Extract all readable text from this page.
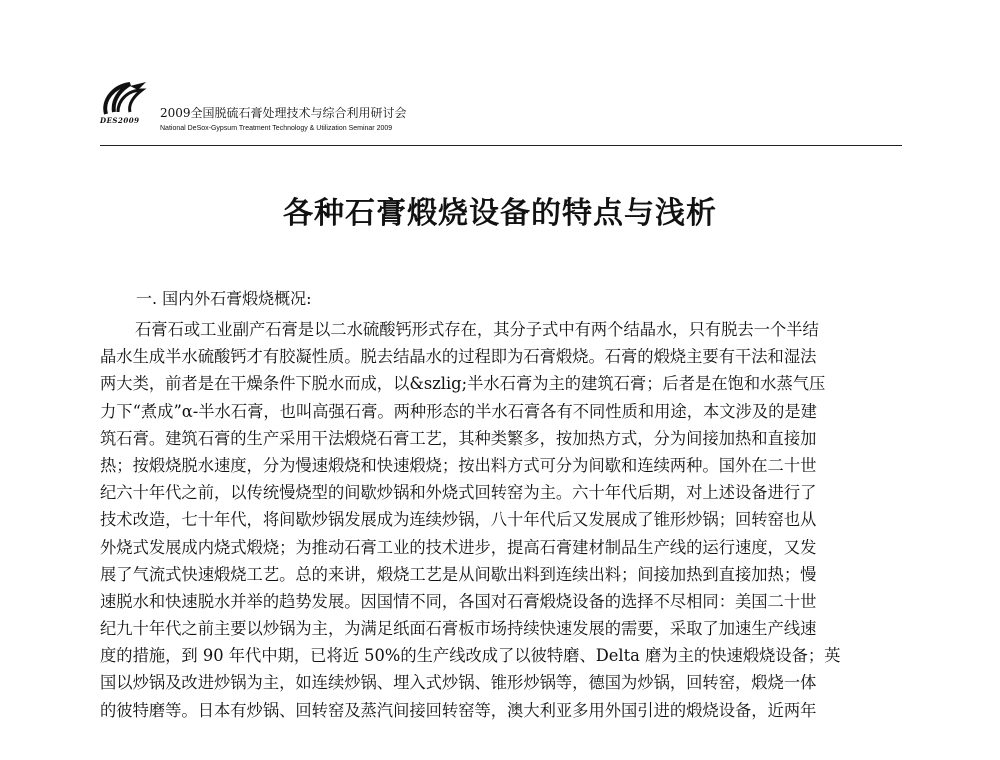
DES2009
2009全国脱硫石膏处理技术与综合利用研讨会
National DeSox-Gypsum Treatment Technology & Utilization Seminar 2009
各种石膏煅烧设备的特点与浅析
一. 国内外石膏煅烧概况:
石膏石或工业副产石膏是以二水硫酸钙形式存在，其分子式中有两个结晶水，只有脱去一个半结
晶水生成半水硫酸钙才有胶凝性质。脱去结晶水的过程即为石膏煅烧。石膏的煅烧主要有干法和湿法
两大类，前者是在干燥条件下脱水而成，以&szlig;半水石膏为主的建筑石膏；后者是在饱和水蒸气压
力下“煮成”α-半水石膏，也叫高强石膏。两种形态的半水石膏各有不同性质和用途，本文涉及的是建
筑石膏。建筑石膏的生产采用干法煅烧石膏工艺，其种类繁多，按加热方式，分为间接加热和直接加
热；按煅烧脱水速度，分为慢速煅烧和快速煅烧；按出料方式可分为间歇和连续两种。国外在二十世
纪六十年代之前，以传统慢烧型的间歇炒锅和外烧式回转窑为主。六十年代后期，对上述设备进行了
技术改造，七十年代，将间歇炒锅发展成为连续炒锅，八十年代后又发展成了锥形炒锅；回转窑也从
外烧式发展成内烧式煅烧；为推动石膏工业的技术进步，提高石膏建材制品生产线的运行速度，又发
展了气流式快速煅烧工艺。总的来讲，煅烧工艺是从间歇出料到连续出料；间接加热到直接加热；慢
速脱水和快速脱水并举的趋势发展。因国情不同，各国对石膏煅烧设备的选择不尽相同：美国二十世
纪九十年代之前主要以炒锅为主，为满足纸面石膏板市场持续快速发展的需要，采取了加速生产线速
度的措施，到 90 年代中期，已将近 50%的生产线改成了以彼特磨、Delta 磨为主的快速煅烧设备；英
国以炒锅及改进炒锅为主，如连续炒锅、埋入式炒锅、锥形炒锅等，德国为炒锅，回转窑，煅烧一体
的彼特磨等。日本有炒锅、回转窑及蒸汽间接回转窑等，澳大利亚多用外国引进的煅烧设备，近两年
